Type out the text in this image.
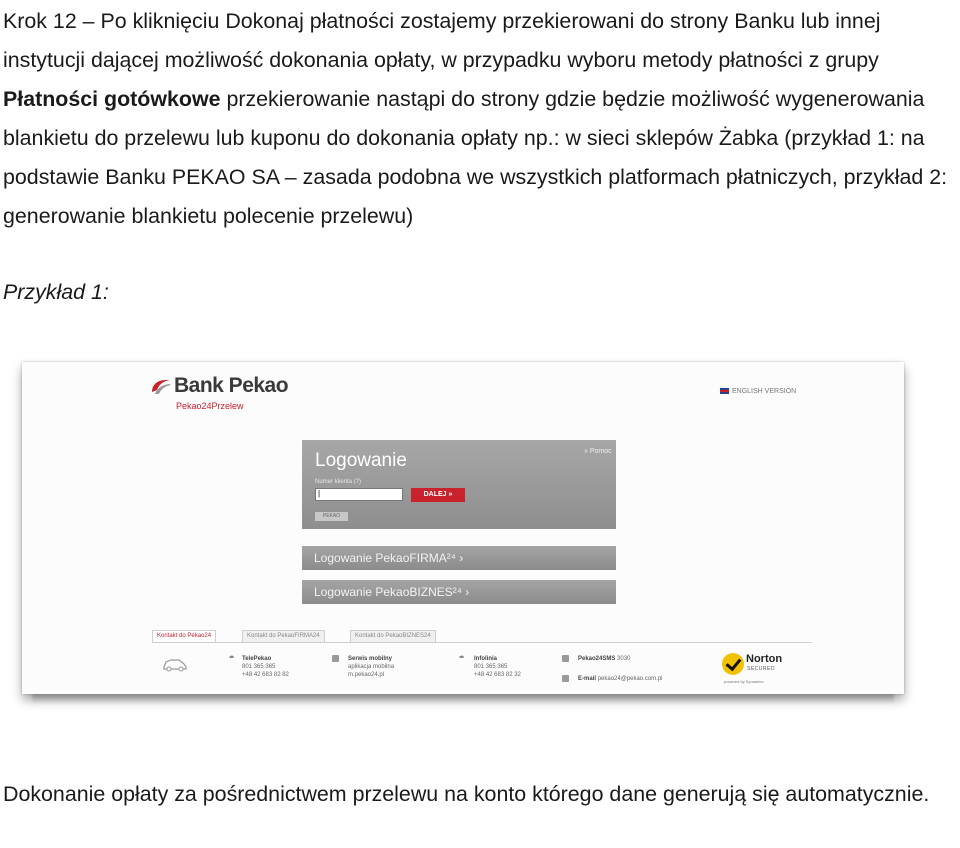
Krok 12 – Po kliknięciu Dokonaj płatności zostajemy przekierowani do strony Banku lub innej instytucji dającej możliwość dokonania opłaty, w przypadku wyboru metody płatności z grupy Płatności gotówkowe przekierowanie nastąpi do strony gdzie będzie możliwość wygenerowania blankietu do przelewu lub kuponu do dokonania opłaty np.: w sieci sklepów Żabka (przykład 1: na podstawie Banku PEKAO SA – zasada podobna we wszystkich platformach płatniczych, przykład 2: generowanie blankietu polecenie przelewu)
Przykład 1:
Bank Pekao
Pekao24Przelew
ENGLISH VERSION
Logowanie	» Pomoc
Numer klienta (?)
|	DALEJ »
PEKAO
Logowanie PekaoFIRMA²⁴ ›
Logowanie PekaoBIZNES²⁴ ›
Kontakt do Pekao24	Kontakt do PekaoFIRMA24	Kontakt do PekaoBIZNES24
TelePekao
801 365 365
+48 42 683 82 82
Serwis mobilny
aplikacja mobilna
m.pekao24.pl
Infolinia
801 365 365
+48 42 683 82 32
Pekao24SMS 3030
E-mail pekao24@pekao.com.pl
Norton
SECURED
powered by Symantec
Dokonanie opłaty za pośrednictwem przelewu na konto którego dane generują się automatycznie.
